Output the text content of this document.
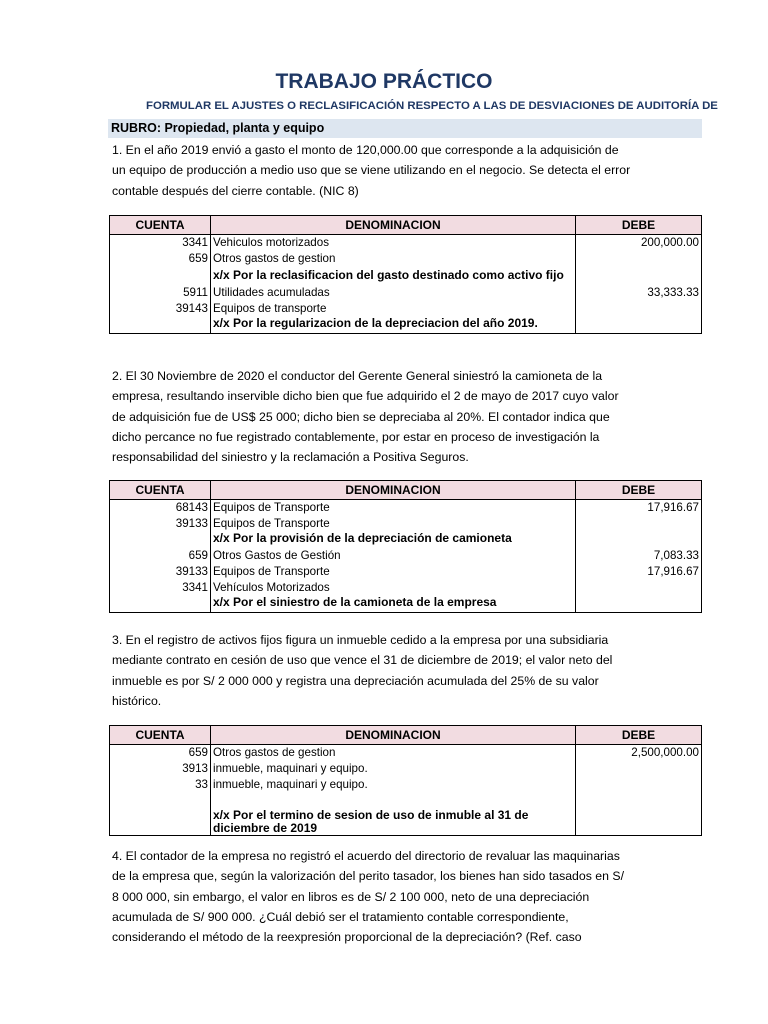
TRABAJO PRÁCTICO
FORMULAR EL AJUSTES O RECLASIFICACIÓN RESPECTO A LAS DE DESVIACIONES DE AUDITORÍA DE
RUBRO: Propiedad, planta y equipo

1. En el año 2019 envió a gasto el monto de 120,000.00 que corresponde a la adquisición de un equipo de producción a medio uso que se viene utilizando en el negocio. Se detecta el error contable después del cierre contable. (NIC 8)

CUENTA	DENOMINACION	DEBE
3341	Vehiculos motorizados	200,000.00
659	Otros gastos de gestion	
	x/x Por la reclasificacion del gasto destinado como activo fijo	
5911	Utilidades acumuladas	33,333.33
39143	Equipos de transporte	
	x/x Por la regularizacion de la depreciacion del año 2019.	

2. El 30 Noviembre de 2020 el conductor del Gerente General siniestró la camioneta de la empresa, resultando inservible dicho bien que fue adquirido el 2 de mayo de 2017 cuyo valor de adquisición fue de US$ 25 000; dicho bien se depreciaba al 20%. El contador indica que dicho percance no fue registrado contablemente, por estar en proceso de investigación la responsabilidad del siniestro y la reclamación a Positiva Seguros.

CUENTA	DENOMINACION	DEBE
68143	Equipos de Transporte	17,916.67
39133	Equipos de Transporte	
	x/x Por la provisión de la depreciación de camioneta	
659	Otros Gastos de Gestión	7,083.33
39133	Equipos de Transporte	17,916.67
3341	Vehículos Motorizados	
	x/x Por el siniestro de la camioneta de la empresa	

3. En el registro de activos fijos figura un inmueble cedido a la empresa por una subsidiaria mediante contrato en cesión de uso que vence el 31 de diciembre de 2019; el valor neto del inmueble es por S/ 2 000 000 y registra una depreciación acumulada del 25% de su valor histórico.

CUENTA	DENOMINACION	DEBE
659	Otros gastos de gestion	2,500,000.00
3913	inmueble, maquinari y equipo.	
33	inmueble, maquinari y equipo.	

	x/x Por el termino de sesion de uso de inmuble al 31 de diciembre de 2019	

4. El contador de la empresa no registró el acuerdo del directorio de revaluar las maquinarias de la empresa que, según la valorización del perito tasador, los bienes han sido tasados en S/ 8 000 000, sin embargo, el valor en libros es de S/ 2 100 000, neto de una depreciación acumulada de S/ 900 000. ¿Cuál debió ser el tratamiento contable correspondiente, considerando el método de la reexpresión proporcional de la depreciación? (Ref. caso
